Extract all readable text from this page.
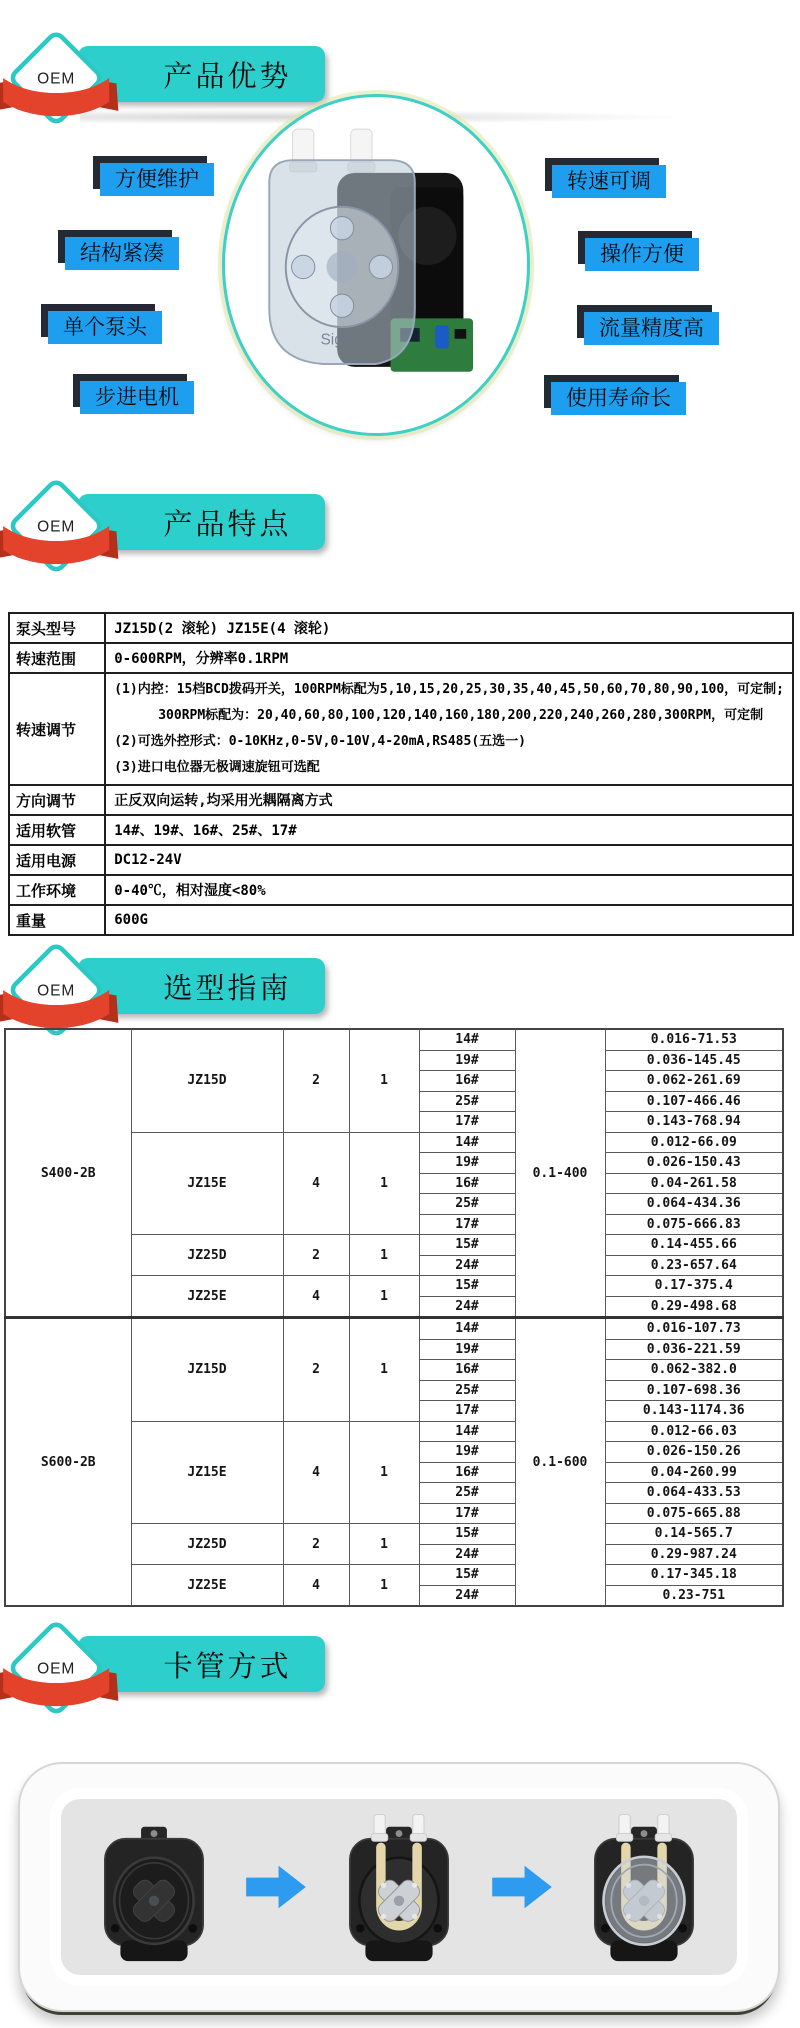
产品优势
OEM
Signal
方便维护
结构紧凑
单个泵头
步进电机
转速可调
操作方便
流量精度高
使用寿命长
产品特点
OEM
泵头型号	JZ15D(2 滚轮) JZ15E(4 滚轮)
转速范围	0-600RPM，分辨率0.1RPM
转速调节	(1)内控：15档BCD拨码开关，100RPM标配为5,10,15,20,25,30,35,40,45,50,60,70,80,90,100，可定制;
300RPM标配为：20,40,60,80,100,120,140,160,180,200,220,240,260,280,300RPM，可定制
(2)可选外控形式：0-10KHz,0-5V,0-10V,4-20mA,RS485(五选一)
(3)进口电位器无极调速旋钮可选配

方向调节	正反双向运转,均采用光耦隔离方式
适用软管	14#、19#、16#、25#、17#
适用电源	DC12-24V
工作环境	0-40℃，相对湿度<80%
重量	600G
选型指南
OEM
S400-2B	JZ15D	2	1	14#	0.1-400	0.016-71.53
				19#		0.036-145.45
				16#		0.062-261.69
				25#		0.107-466.46
				17#		0.143-768.94
	JZ15E	4	1	14#		0.012-66.09
				19#		0.026-150.43
				16#		0.04-261.58
				25#		0.064-434.36
				17#		0.075-666.83
	JZ25D	2	1	15#		0.14-455.66
				24#		0.23-657.64
	JZ25E	4	1	15#		0.17-375.4
				24#		0.29-498.68
S600-2B	JZ15D	2	1	14#	0.1-600	0.016-107.73
				19#		0.036-221.59
				16#		0.062-382.0
				25#		0.107-698.36
				17#		0.143-1174.36
	JZ15E	4	1	14#		0.012-66.03
				19#		0.026-150.26
				16#		0.04-260.99
				25#		0.064-433.53
				17#		0.075-665.88
	JZ25D	2	1	15#		0.14-565.7
				24#		0.29-987.24
	JZ25E	4	1	15#		0.17-345.18
				24#		0.23-751
卡管方式
OEM
